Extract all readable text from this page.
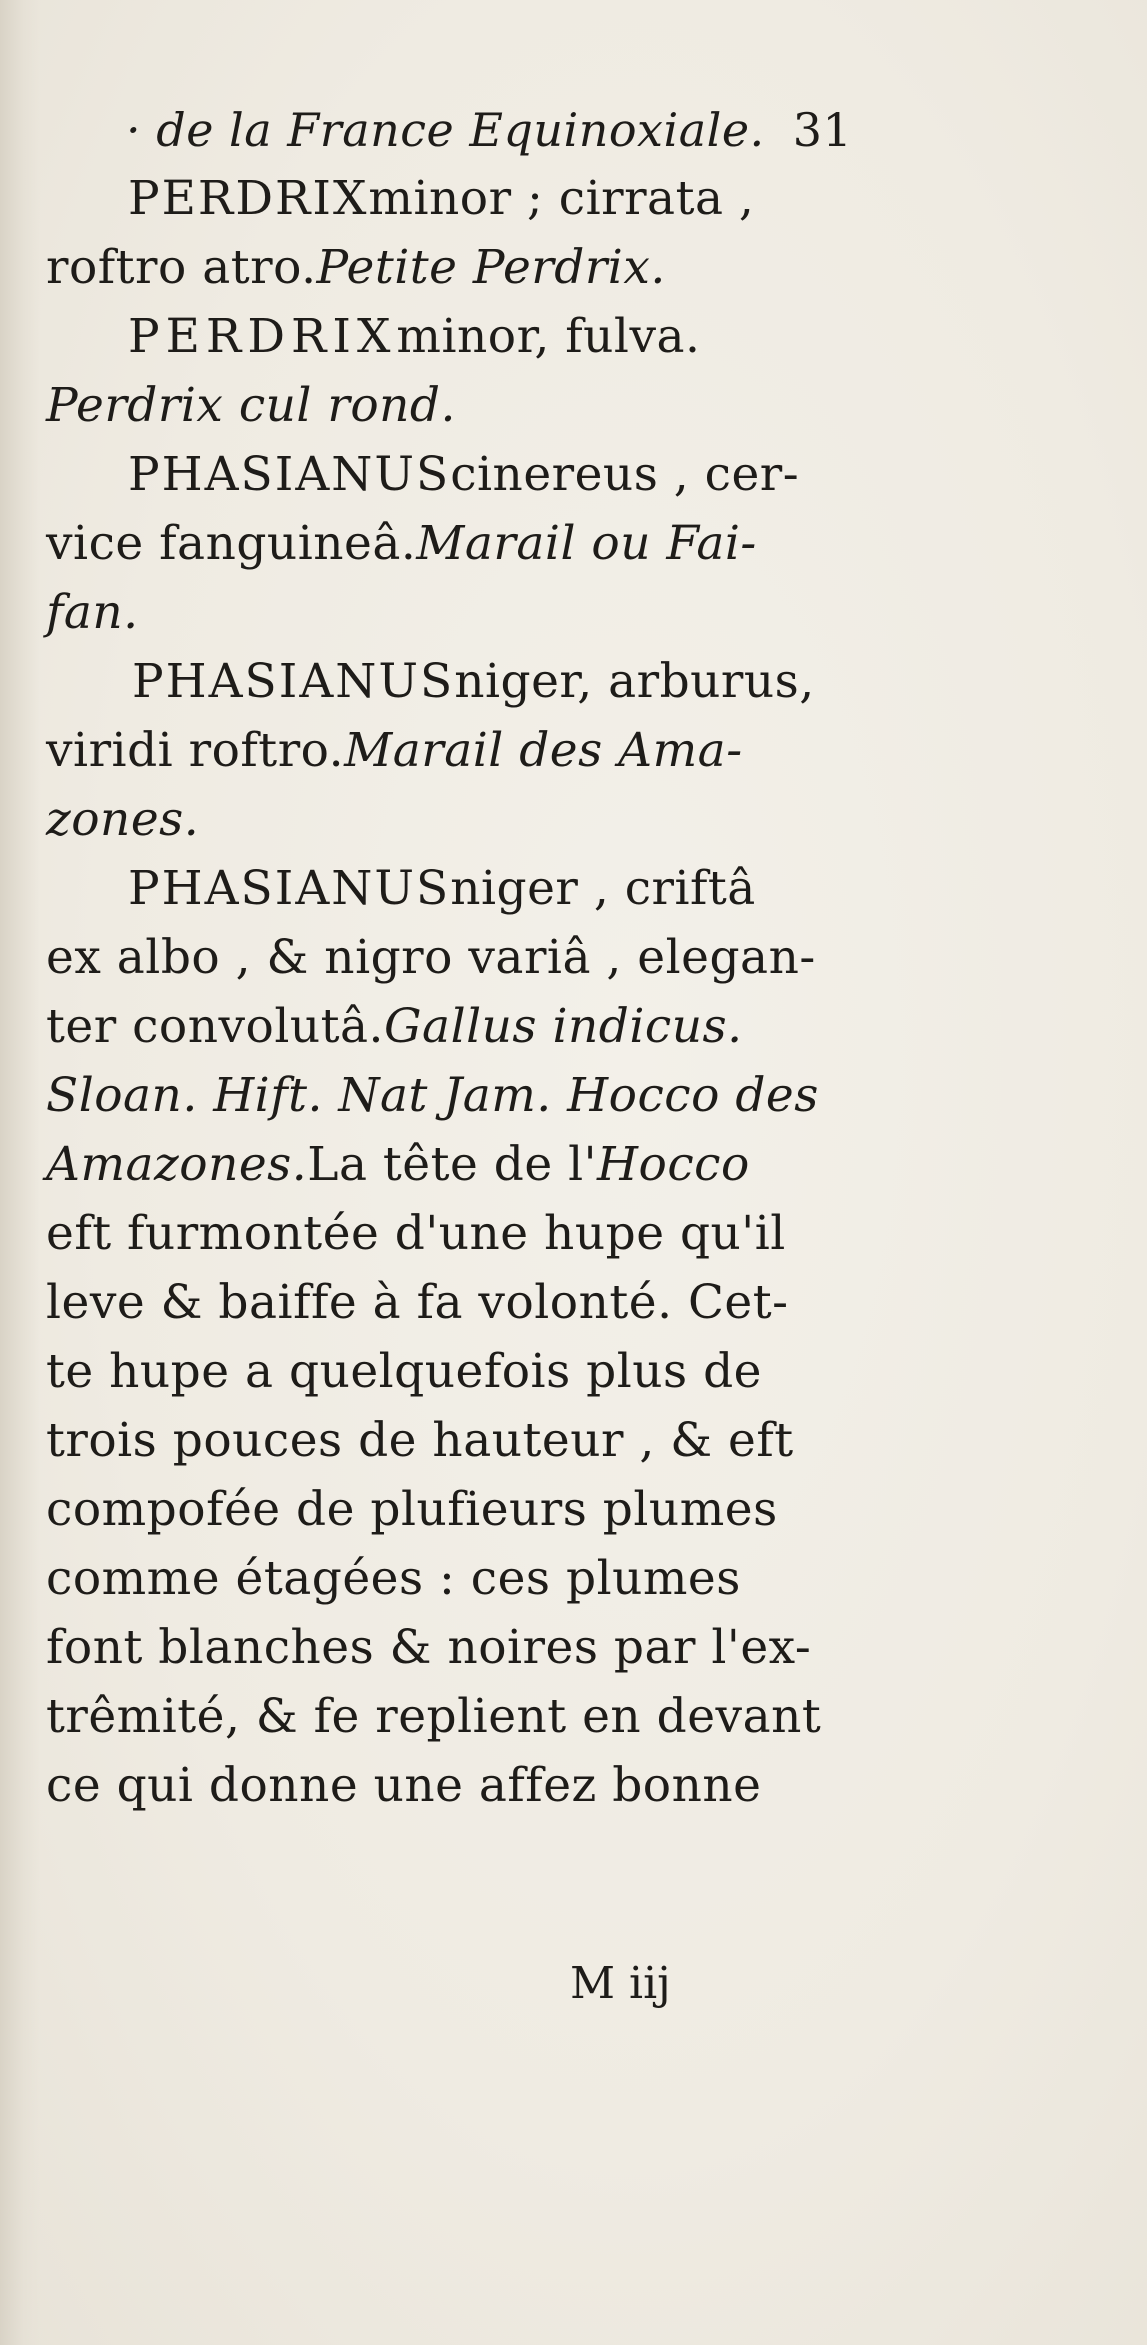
· de la France Equinoxiale. 31
PERDRIXminor ; cirrata ,
roftro atro.Petite Perdrix.
PERDRIXminor, fulva.
Perdrix cul rond.
PHASIANUScinereus , cer-
vice fanguineâ.Marail ou Fai-
fan.
PHASIANUSniger, arburus,
viridi roftro.Marail des Ama-
zones.
PHASIANUSniger , criftâ
ex albo , & nigro variâ , elegan-
ter convolutâ.Gallus indicus.
Sloan. Hift. Nat Jam. Hocco des
Amazones.La tête de l'Hocco
eft furmontée d'une hupe qu'il
leve & baiffe à fa volonté. Cet-
te hupe a quelquefois plus de
trois pouces de hauteur , & eft
compofée de plufieurs plumes
comme étagées : ces plumes
font blanches & noires par l'ex-
trêmité, & fe replient en devant
ce qui donne une affez bonne
M iij
